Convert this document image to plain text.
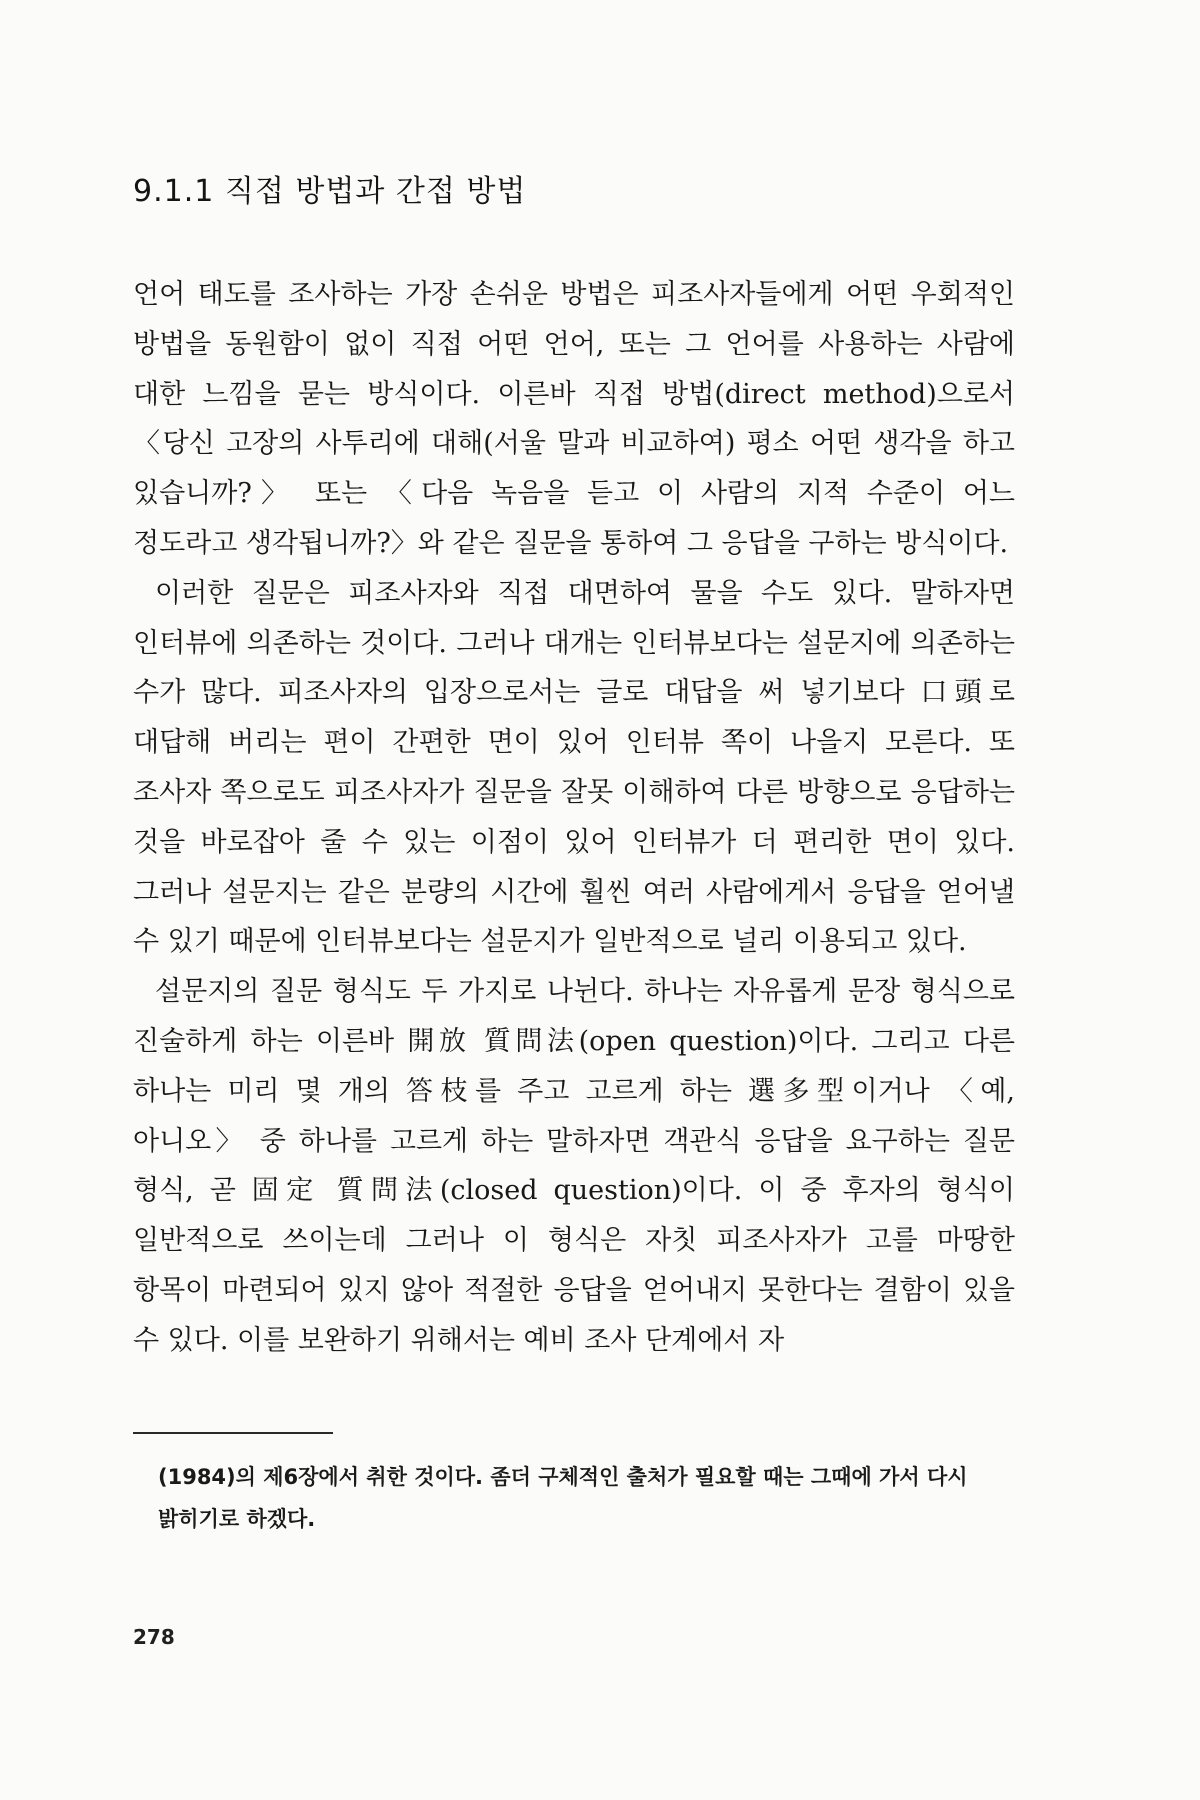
9.1.1 직접 방법과 간접 방법

언어 태도를 조사하는 가장 손쉬운 방법은 피조사자들에게 어떤 우회적인 방법을 동원함이 없이 직접 어떤 언어, 또는 그 언어를 사용하는 사람에 대한 느낌을 묻는 방식이다. 이른바 직접 방법(direct method)으로서 〈당신 고장의 사투리에 대해(서울 말과 비교하여) 평소 어떤 생각을 하고 있습니까?〉 또는 〈다음 녹음을 듣고 이 사람의 지적 수준이 어느 정도라고 생각됩니까?〉와 같은 질문을 통하여 그 응답을 구하는 방식이다.

이러한 질문은 피조사자와 직접 대면하여 물을 수도 있다. 말하자면 인터뷰에 의존하는 것이다. 그러나 대개는 인터뷰보다는 설문지에 의존하는 수가 많다. 피조사자의 입장으로서는 글로 대답을 써 넣기보다 口頭로 대답해 버리는 편이 간편한 면이 있어 인터뷰 쪽이 나을지 모른다. 또 조사자 쪽으로도 피조사자가 질문을 잘못 이해하여 다른 방향으로 응답하는 것을 바로잡아 줄 수 있는 이점이 있어 인터뷰가 더 편리한 면이 있다. 그러나 설문지는 같은 분량의 시간에 훨씬 여러 사람에게서 응답을 얻어낼 수 있기 때문에 인터뷰보다는 설문지가 일반적으로 널리 이용되고 있다.

설문지의 질문 형식도 두 가지로 나뉜다. 하나는 자유롭게 문장 형식으로 진술하게 하는 이른바 開放 質問法(open question)이다. 그리고 다른 하나는 미리 몇 개의 答枝를 주고 고르게 하는 選多型이거나 〈예, 아니오〉 중 하나를 고르게 하는 말하자면 객관식 응답을 요구하는 질문 형식, 곧 固定 質問法(closed question)이다. 이 중 후자의 형식이 일반적으로 쓰이는데 그러나 이 형식은 자칫 피조사자가 고를 마땅한 항목이 마련되어 있지 않아 적절한 응답을 얻어내지 못한다는 결함이 있을 수 있다. 이를 보완하기 위해서는 예비 조사 단계에서 자

(1984)의 제6장에서 취한 것이다. 좀더 구체적인 출처가 필요할 때는 그때에 가서 다시 밝히기로 하겠다.

278
